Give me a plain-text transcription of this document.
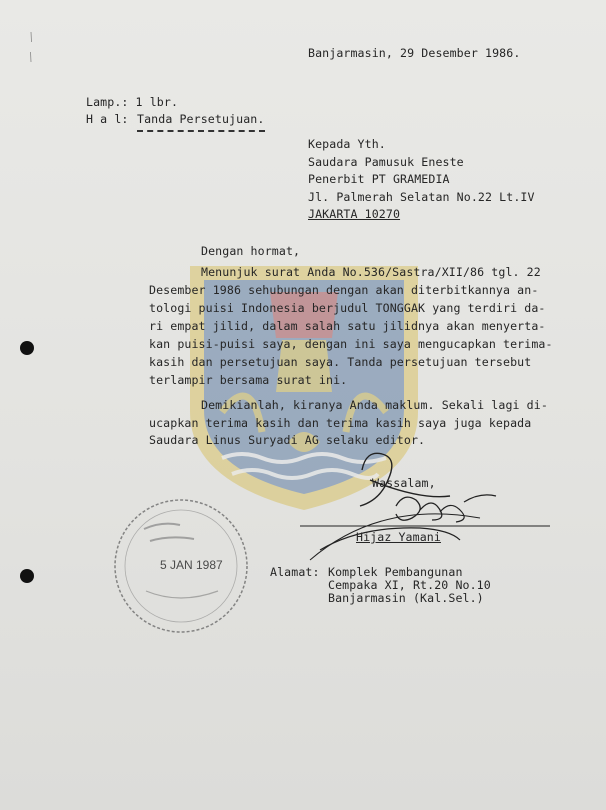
Banjarmasin, 29 Desember 1986.
Lamp.: 1 lbr.
H a l: Tanda Persetujuan.
Kepada Yth.
Saudara Pamusuk Eneste
Penerbit PT GRAMEDIA
Jl. Palmerah Selatan No.22 Lt.IV
JAKARTA 10270
Dengan hormat,
Menunjuk surat Anda No.536/Sastra/XII/86 tgl. 22
Desember 1986 sehubungan dengan akan diterbitkannya an-
tologi puisi Indonesia berjudul TONGGAK yang terdiri da-
ri empat jilid, dalam salah satu jilidnya akan menyerta-
kan puisi-puisi saya, dengan ini saya mengucapkan terima-
kasih dan persetujuan saya. Tanda persetujuan tersebut
terlampir bersama surat ini.
Demikianlah, kiranya Anda maklum. Sekali lagi di-
ucapkan terima kasih dan terima kasih saya juga kepada
Saudara Linus Suryadi AG selaku editor.
Wassalam,
Hijaz Yamani
Alamat: Komplek Pembangunan
Cempaka XI, Rt.20 No.10
Banjarmasin (Kal.Sel.)
5 JAN 1987
